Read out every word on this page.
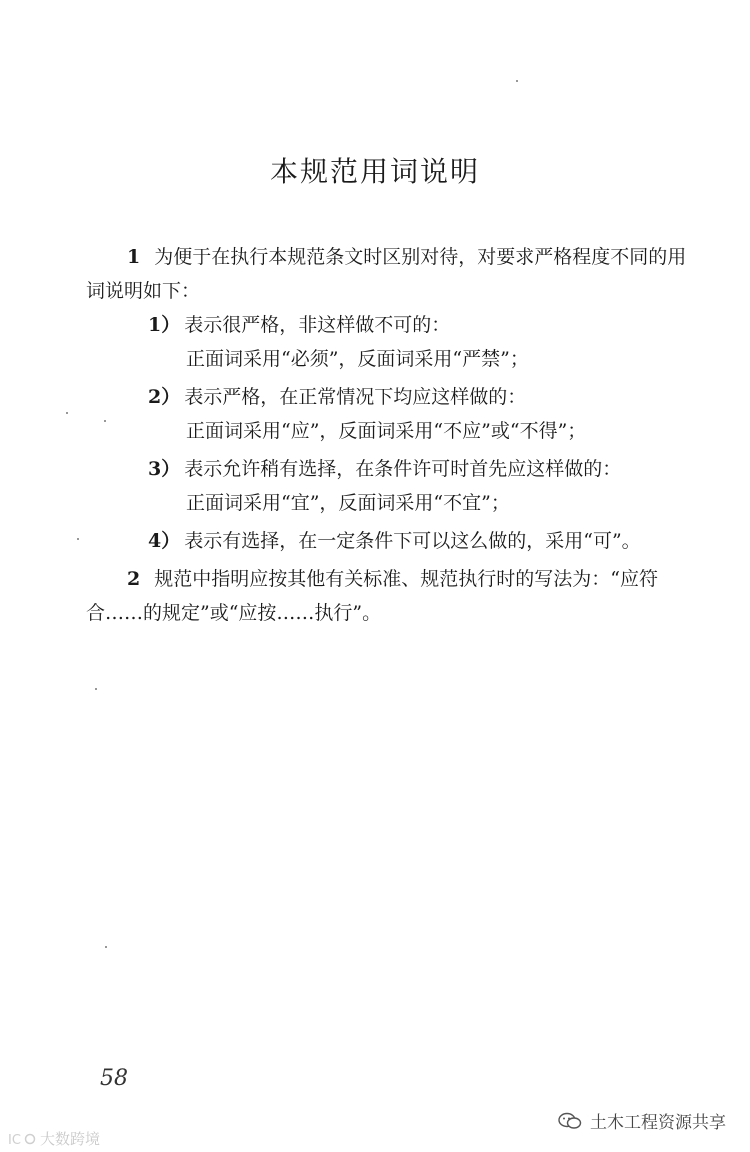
本规范用词说明

1 为便于在执行本规范条文时区别对待，对要求严格程度不同的用词说明如下：

1） 表示很严格，非这样做不可的：
正面词采用“必须”，反面词采用“严禁”；
2） 表示严格，在正常情况下均应这样做的：
正面词采用“应”，反面词采用“不应”或“不得”；
3） 表示允许稍有选择，在条件许可时首先应这样做的：
正面词采用“宜”，反面词采用“不宜”；
4） 表示有选择，在一定条件下可以这么做的，采用“可”。

2 规范中指明应按其他有关标准、规范执行时的写法为：“应符合……的规定”或“应按……执行”。

58
土木工程资源共享
IC 大数跨境
